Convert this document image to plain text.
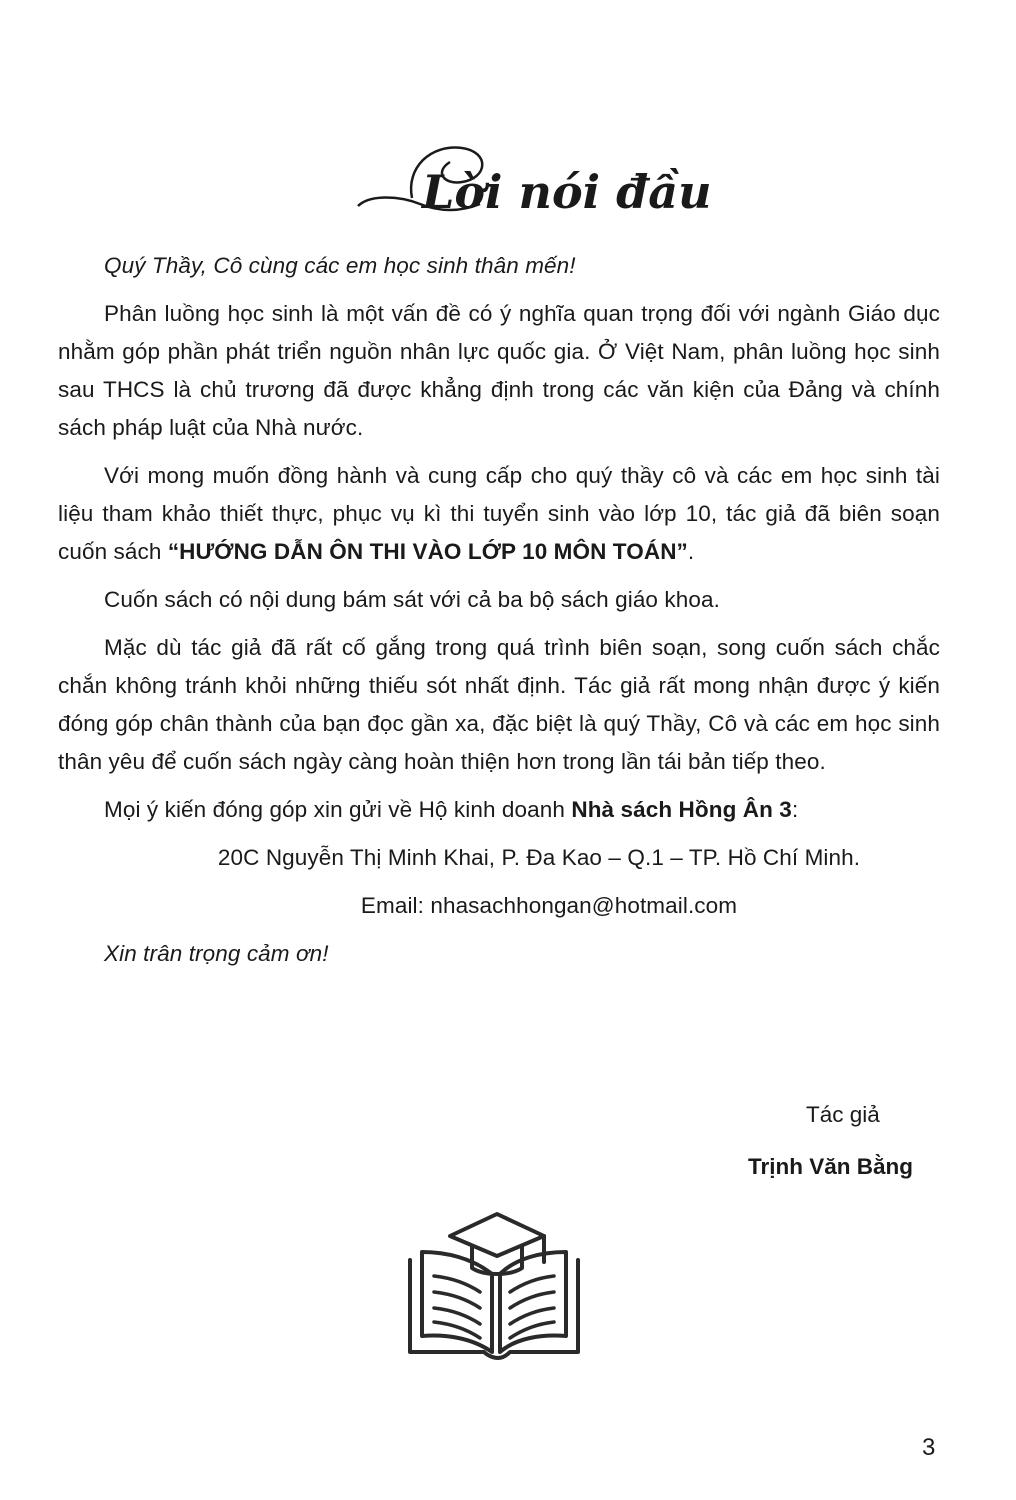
Lời nói đầu

Quý Thầy, Cô cùng các em học sinh thân mến!

Phân luồng học sinh là một vấn đề có ý nghĩa quan trọng đối với ngành Giáo dục nhằm góp phần phát triển nguồn nhân lực quốc gia. Ở Việt Nam, phân luồng học sinh sau THCS là chủ trương đã được khẳng định trong các văn kiện của Đảng và chính sách pháp luật của Nhà nước.

Với mong muốn đồng hành và cung cấp cho quý thầy cô và các em học sinh tài liệu tham khảo thiết thực, phục vụ kì thi tuyển sinh vào lớp 10, tác giả đã biên soạn cuốn sách “HƯỚNG DẪN ÔN THI VÀO LỚP 10 MÔN TOÁN”.

Cuốn sách có nội dung bám sát với cả ba bộ sách giáo khoa.

Mặc dù tác giả đã rất cố gắng trong quá trình biên soạn, song cuốn sách chắc chắn không tránh khỏi những thiếu sót nhất định. Tác giả rất mong nhận được ý kiến đóng góp chân thành của bạn đọc gần xa, đặc biệt là quý Thầy, Cô và các em học sinh thân yêu để cuốn sách ngày càng hoàn thiện hơn trong lần tái bản tiếp theo.

Mọi ý kiến đóng góp xin gửi về Hộ kinh doanh Nhà sách Hồng Ân 3:

20C Nguyễn Thị Minh Khai, P. Đa Kao – Q.1 – TP. Hồ Chí Minh.

Email: nhasachhongan@hotmail.com

Xin trân trọng cảm ơn!

Tác giả
Trịnh Văn Bằng
3
